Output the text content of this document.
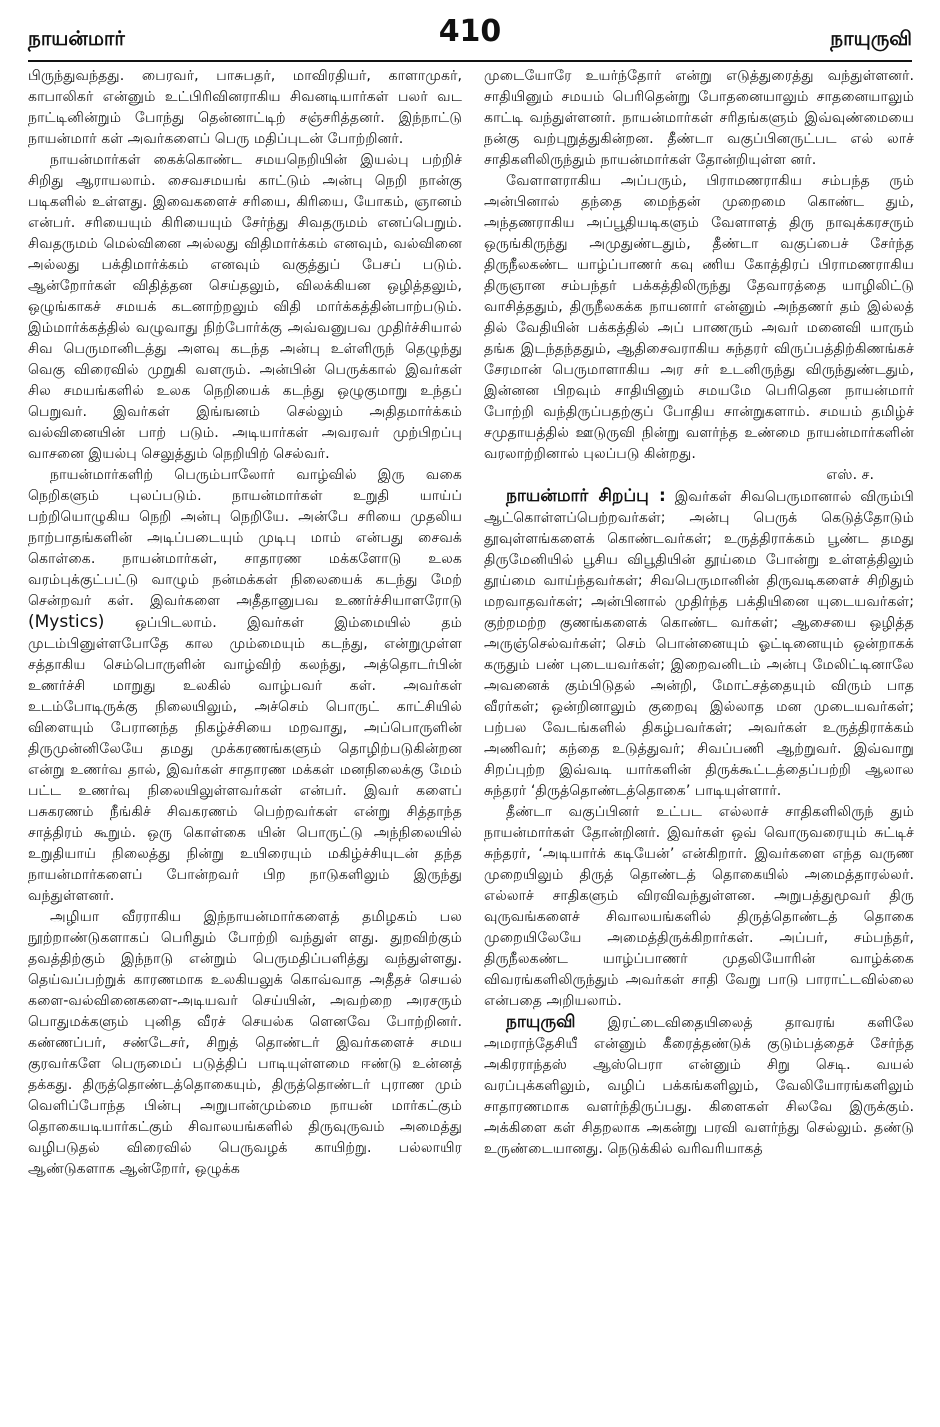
நாயன்மார்	410	நாயுருவி

பிருந்துவந்தது. பைரவர், பாசுபதர், மாவிரதியர், காளாமுகர், காபாலிகர் என்னும் உட்பிரிவினராகிய சிவனடியார்கள் பலர் வட நாட்டினின்றும் போந்து தென்னாட்டிற் சஞ்சரித்தனர். இந்நாட்டு நாயன்மார் கள் அவர்களைப் பெரு மதிப்புடன் போற்றினர்.

நாயன்மார்கள் கைக்கொண்ட சமயநெறியின் இயல்பு பற்றிச் சிறிது ஆராயலாம். சைவசமயங் காட்டும் அன்பு நெறி நான்கு படிகளில் உள்ளது. இவைகளைச் சரியை, கிரியை, யோகம், ஞானம் என்பர். சரியையும் கிரியையும் சேர்ந்து சிவதருமம் எனப்பெறும். சிவதருமம் மெல்வினை அல்லது விதிமார்க்கம் எனவும், வல்வினை அல்லது பக்திமார்க்கம் எனவும் வகுத்துப் பேசப் படும். ஆன்றோர்கள் விதித்தன செய்தலும், விலக்கியன ஒழித்தலும், ஒழுங்காகச் சமயக் கடனாற்றலும் விதி மார்க்கத்தின்பாற்படும். இம்மார்க்கத்தில் வழுவாது நிற்போர்க்கு அவ்வனுபவ முதிர்ச்சியால் சிவ பெருமானிடத்து அளவு கடந்த அன்பு உள்ளிருந் தெழுந்து வெகு விரைவில் முறுகி வளரும். அன்பின் பெருக்கால் இவர்கள் சில சமயங்களில் உலக நெறியைக் கடந்து ஒழுகுமாறு உந்தப் பெறுவர். இவர்கள் இங்ஙனம் செல்லும் அதிதமார்க்கம் வல்வினையின் பாற் படும். அடியார்கள் அவரவர் முற்பிறப்பு வாசனை இயல்பு செலுத்தும் நெறியிற் செல்வர்.

நாயன்மார்களிற் பெரும்பாலோர் வாழ்வில் இரு வகை நெறிகளும் புலப்படும். நாயன்மார்கள் உறுதி யாய்ப் பற்றியொழுகிய நெறி அன்பு நெறியே. அன்பே சரியை முதலிய நாற்பாதங்களின் அடிப்படையும் முடிபு மாம் என்பது சைவக் கொள்கை. நாயன்மார்கள், சாதாரண மக்களோடு உலக வரம்புக்குட்பட்டு வாழும் நன்மக்கள் நிலையைக் கடந்து மேற் சென்றவர் கள். இவர்களை அதீதானுபவ உணர்ச்சியாளரோடு (Mystics) ஒப்பிடலாம். இவர்கள் இம்மையில் தம் முடம்பினுள்ளபோதே கால மும்மையும் கடந்து, என்றுமுள்ள சத்தாகிய செம்பொருளின் வாழ்விற் கலந்து, அத்தொடர்பின் உணர்ச்சி மாறுது உலகில் வாழ்பவர் கள். அவர்கள் உடம்போடிருக்கு நிலையிலும், அச்செம் பொருட் காட்சியில் விளையும் பேரானந்த நிகழ்ச்சியை மறவாது, அப்பொருளின் திருமுன்னிலேயே தமது முக்கரணங்களும் தொழிற்படுகின்றன என்று உணர்வ தால், இவர்கள் சாதாரண மக்கள் மனநிலைக்கு மேம் பட்ட உணர்வு நிலையிலுள்ளவர்கள் என்பர். இவர் களைப் பசுகரணம் நீங்கிச் சிவகரணம் பெற்றவர்கள் என்று சித்தாந்த சாத்திரம் கூறும். ஒரு கொள்கை யின் பொருட்டு அந்நிலையில் உறுதியாய் நிலைத்து நின்று உயிரையும் மகிழ்ச்சியுடன் தந்த நாயன்மார்களைப் போன்றவர் பிற நாடுகளிலும் இருந்து வந்துள்ளனர்.

அழியா வீரராகிய இந்நாயன்மார்களைத் தமிழகம் பல நூற்றாண்டுகளாகப் பெரிதும் போற்றி வந்துள் ளது. துறவிற்கும் தவத்திற்கும் இந்நாடு என்றும் பெருமதிப்பளித்து வந்துள்ளது. தெய்வப்பற்றுக் காரணமாக உலகியலுக் கொவ்வாத அதீதச் செயல் களை-வல்வினைகளை-அடியவர் செய்யின், அவற்றை அரசரும் பொதுமக்களும் புனித வீரச் செயல்க ளெனவே போற்றினர். கண்ணப்பர், சண்டேசர், சிறுத் தொண்டர் இவர்களைச் சமய குரவர்களே பெருமைப் படுத்திப் பாடியுள்ளமை ஈண்டு உன்னத் தக்கது. திருத்தொண்டத்தொகையும், திருத்தொண்டர் புராண மும் வெளிப்போந்த பின்பு அறுபான்மும்மை நாயன் மார்கட்கும் தொகையடியார்கட்கும் சிவாலயங்களில் திருவுருவம் அமைத்து வழிபடுதல் விரைவில் பெருவழக் காயிற்று. பல்லாயிர ஆண்டுகளாக ஆன்றோர், ஒழுக்க

முடையோரே உயர்ந்தோர் என்று எடுத்துரைத்து வந்துள்ளனர். சாதியினும் சமயம் பெரிதென்று போதனையாலும் சாதனையாலும் காட்டி வந்துள்ளனர். நாயன்மார்கள் சரிதங்களும் இவ்வுண்மையை நன்கு வற்புறுத்துகின்றன. தீண்டா வகுப்பினருட்பட எல் லாச் சாதிகளிலிருந்தும் நாயன்மார்கள் தோன்றியுள்ள னர்.

வேளாளராகிய அப்பரும், பிராமணராகிய சம்பந்த ரும் அன்பினால் தந்தை மைந்தன் முறைமை கொண்ட தும், அந்தணராகிய அப்பூதியடிகளும் வேளாளத் திரு நாவுக்கரசரும் ஒருங்கிருந்து அமுதுண்டதும், தீண்டா வகுப்பைச் சேர்ந்த திருநீலகண்ட யாழ்ப்பாணர் கவு ணிய கோத்திரப் பிராமணராகிய திருஞான சம்பந்தர் பக்கத்திலிருந்து தேவாரத்தை யாழிலிட்டு வாசித்ததும், திருநீலகக்க நாயனார் என்னும் அந்தணர் தம் இல்லத் தில் வேதியின் பக்கத்தில் அப் பாணரும் அவர் மனைவி யாரும் தங்க இடந்தந்ததும், ஆதிசைவராகிய சுந்தரர் விருப்பத்திற்கிணங்கச் சேரமான் பெருமாளாகிய அர சர் உடனிருந்து விருந்துண்டதும், இன்னன பிறவும் சாதியினும் சமயமே பெரிதென நாயன்மார் போற்றி வந்திருப்பதற்குப் போதிய சான்றுகளாம். சமயம் தமிழ்ச் சமுதாயத்தில் ஊடுருவி நின்று வளர்ந்த உண்மை நாயன்மார்களின் வரலாற்றினால் புலப்படு கின்றது.

எஸ். ச.

நாயன்மார் சிறப்பு : இவர்கள் சிவபெருமானால் விரும்பி ஆட்கொள்ளப்பெற்றவர்கள்; அன்பு பெருக் கெடுத்தோடும் தூவுள்ளங்களைக் கொண்டவர்கள்; உருத்திராக்கம் பூண்ட தமது திருமேனியில் பூசிய விபூதியின் தூய்மை போன்று உள்ளத்திலும் தூய்மை வாய்ந்தவர்கள்; சிவபெருமானின் திருவடிகளைச் சிறிதும் மறவாதவர்கள்; அன்பினால் முதிர்ந்த பக்தியினை யுடையவர்கள்; குற்றமற்ற குணங்களைக் கொண்ட வர்கள்; ஆசையை ஒழித்த அருஞ்செல்வர்கள்; செம் பொன்னையும் ஓட்டினையும் ஒன்றாகக் கருதும் பண் புடையவர்கள்; இறைவனிடம் அன்பு மேலிட்டினாலே அவனைக் கும்பிடுதல் அன்றி, மோட்சத்தையும் விரும் பாத வீரர்கள்; ஒன்றினாலும் குறைவு இல்லாத மன முடையவர்கள்; பற்பல வேடங்களில் திகழ்பவர்கள்; அவர்கள் உருத்திராக்கம் அணிவர்; கந்தை உடுத்துவர்; சிவப்பணி ஆற்றுவர். இவ்வாறு சிறப்புற்ற இவ்வடி யார்களின் திருக்கூட்டத்தைப்பற்றி ஆலால சுந்தரர் ‘திருத்தொண்டத்தொகை’ பாடியுள்ளார்.

தீண்டா வகுப்பினர் உட்பட எல்லாச் சாதிகளிலிருந் தும் நாயன்மார்கள் தோன்றினர். இவர்கள் ஒவ் வொருவரையும் சுட்டிச் சுந்தரர், ‘அடியார்க் கடியேன்’ என்கிறார். இவர்களை எந்த வருண முறையிலும் திருத் தொண்டத் தொகையில் அமைத்தாரல்லர். எல்லாச் சாதிகளும் விரவிவந்துள்ளன. அறுபத்துமூவர் திரு வுருவங்களைச் சிவாலயங்களில் திருத்தொண்டத் தொகை முறையிலேயே அமைத்திருக்கிறார்கள். அப்பர், சம்பந்தர், திருநீலகண்ட யாழ்ப்பாணர் முதலியோரின் வாழ்க்கை விவரங்களிலிருந்தும் அவர்கள் சாதி வேறு பாடு பாராட்டவில்லை என்பதை அறியலாம்.

நாயுருவி இரட்டைவிதையிலைத் தாவரங் களிலே அமராந்தேசியீ என்னும் கீரைத்தண்டுக் குடும்பத்தைச் சேர்ந்த அகிரராந்தஸ் ஆஸ்பெரா என்னும் சிறு செடி. வயல் வரப்புக்களிலும், வழிப் பக்கங்களிலும், வேலியோரங்களிலும் சாதாரணமாக வளர்ந்திருப்பது. கிளைகள் சிலவே இருக்கும். அக்கிளை கள் சிதறலாக அகன்று பரவி வளர்ந்து செல்லும். தண்டு உருண்டையானது. நெடுக்கில் வரிவரியாகத்
